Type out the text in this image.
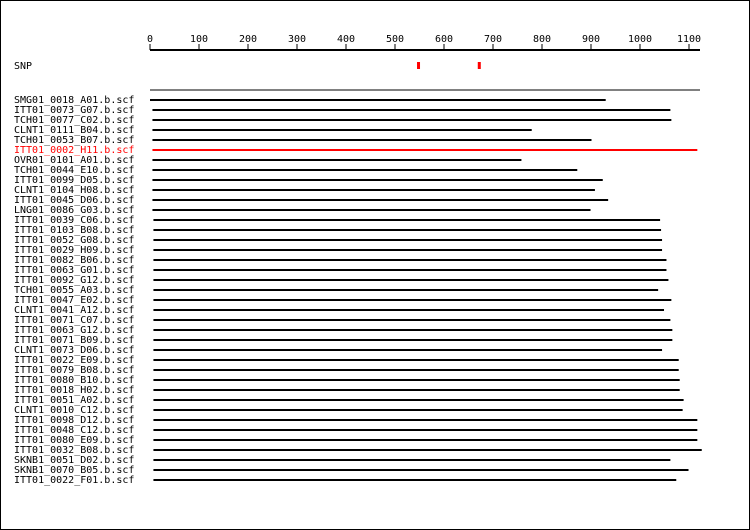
0	100	200	300	400	500	600	700	800	900	1000 1100
SNP
SMG01_0018_A01.b.scf
ITT01_0073_G07.b.scf
TCH01_0077_C02.b.scf
CLNT1_0111_B04.b.scf
TCH01_0053_B07.b.scf
ITT01_0002_H11.b.scf
OVR01_0101_A01.b.scf
TCH01_0044_E10.b.scf
ITT01_0099_D05.b.scf
CLNT1_0104_H08.b.scf
ITT01_0045_D06.b.scf
LNG01_0086_G03.b.scf
ITT01_0039_C06.b.scf
ITT01_0103_B08.b.scf
ITT01_0052_G08.b.scf
ITT01_0029_H09.b.scf
ITT01_0082_B06.b.scf
ITT01_0063_G01.b.scf
ITT01_0092_G12.b.scf
TCH01_0055_A03.b.scf
ITT01_0047_E02.b.scf
CLNT1_0041_A12.b.scf
ITT01_0071_C07.b.scf
ITT01_0063_G12.b.scf
ITT01_0071_B09.b.scf
CLNT1_0073_D06.b.scf
ITT01_0022_E09.b.scf
ITT01_0079_B08.b.scf
ITT01_0080_B10.b.scf
ITT01_0018_H02.b.scf
ITT01_0051_A02.b.scf
CLNT1_0010_C12.b.scf
ITT01_0098_D12.b.scf
ITT01_0048_C12.b.scf
ITT01_0080_E09.b.scf
ITT01_0032_B08.b.scf
SKNB1_0051_D02.b.scf
SKNB1_0070_B05.b.scf
ITT01_0022_F01.b.scf
